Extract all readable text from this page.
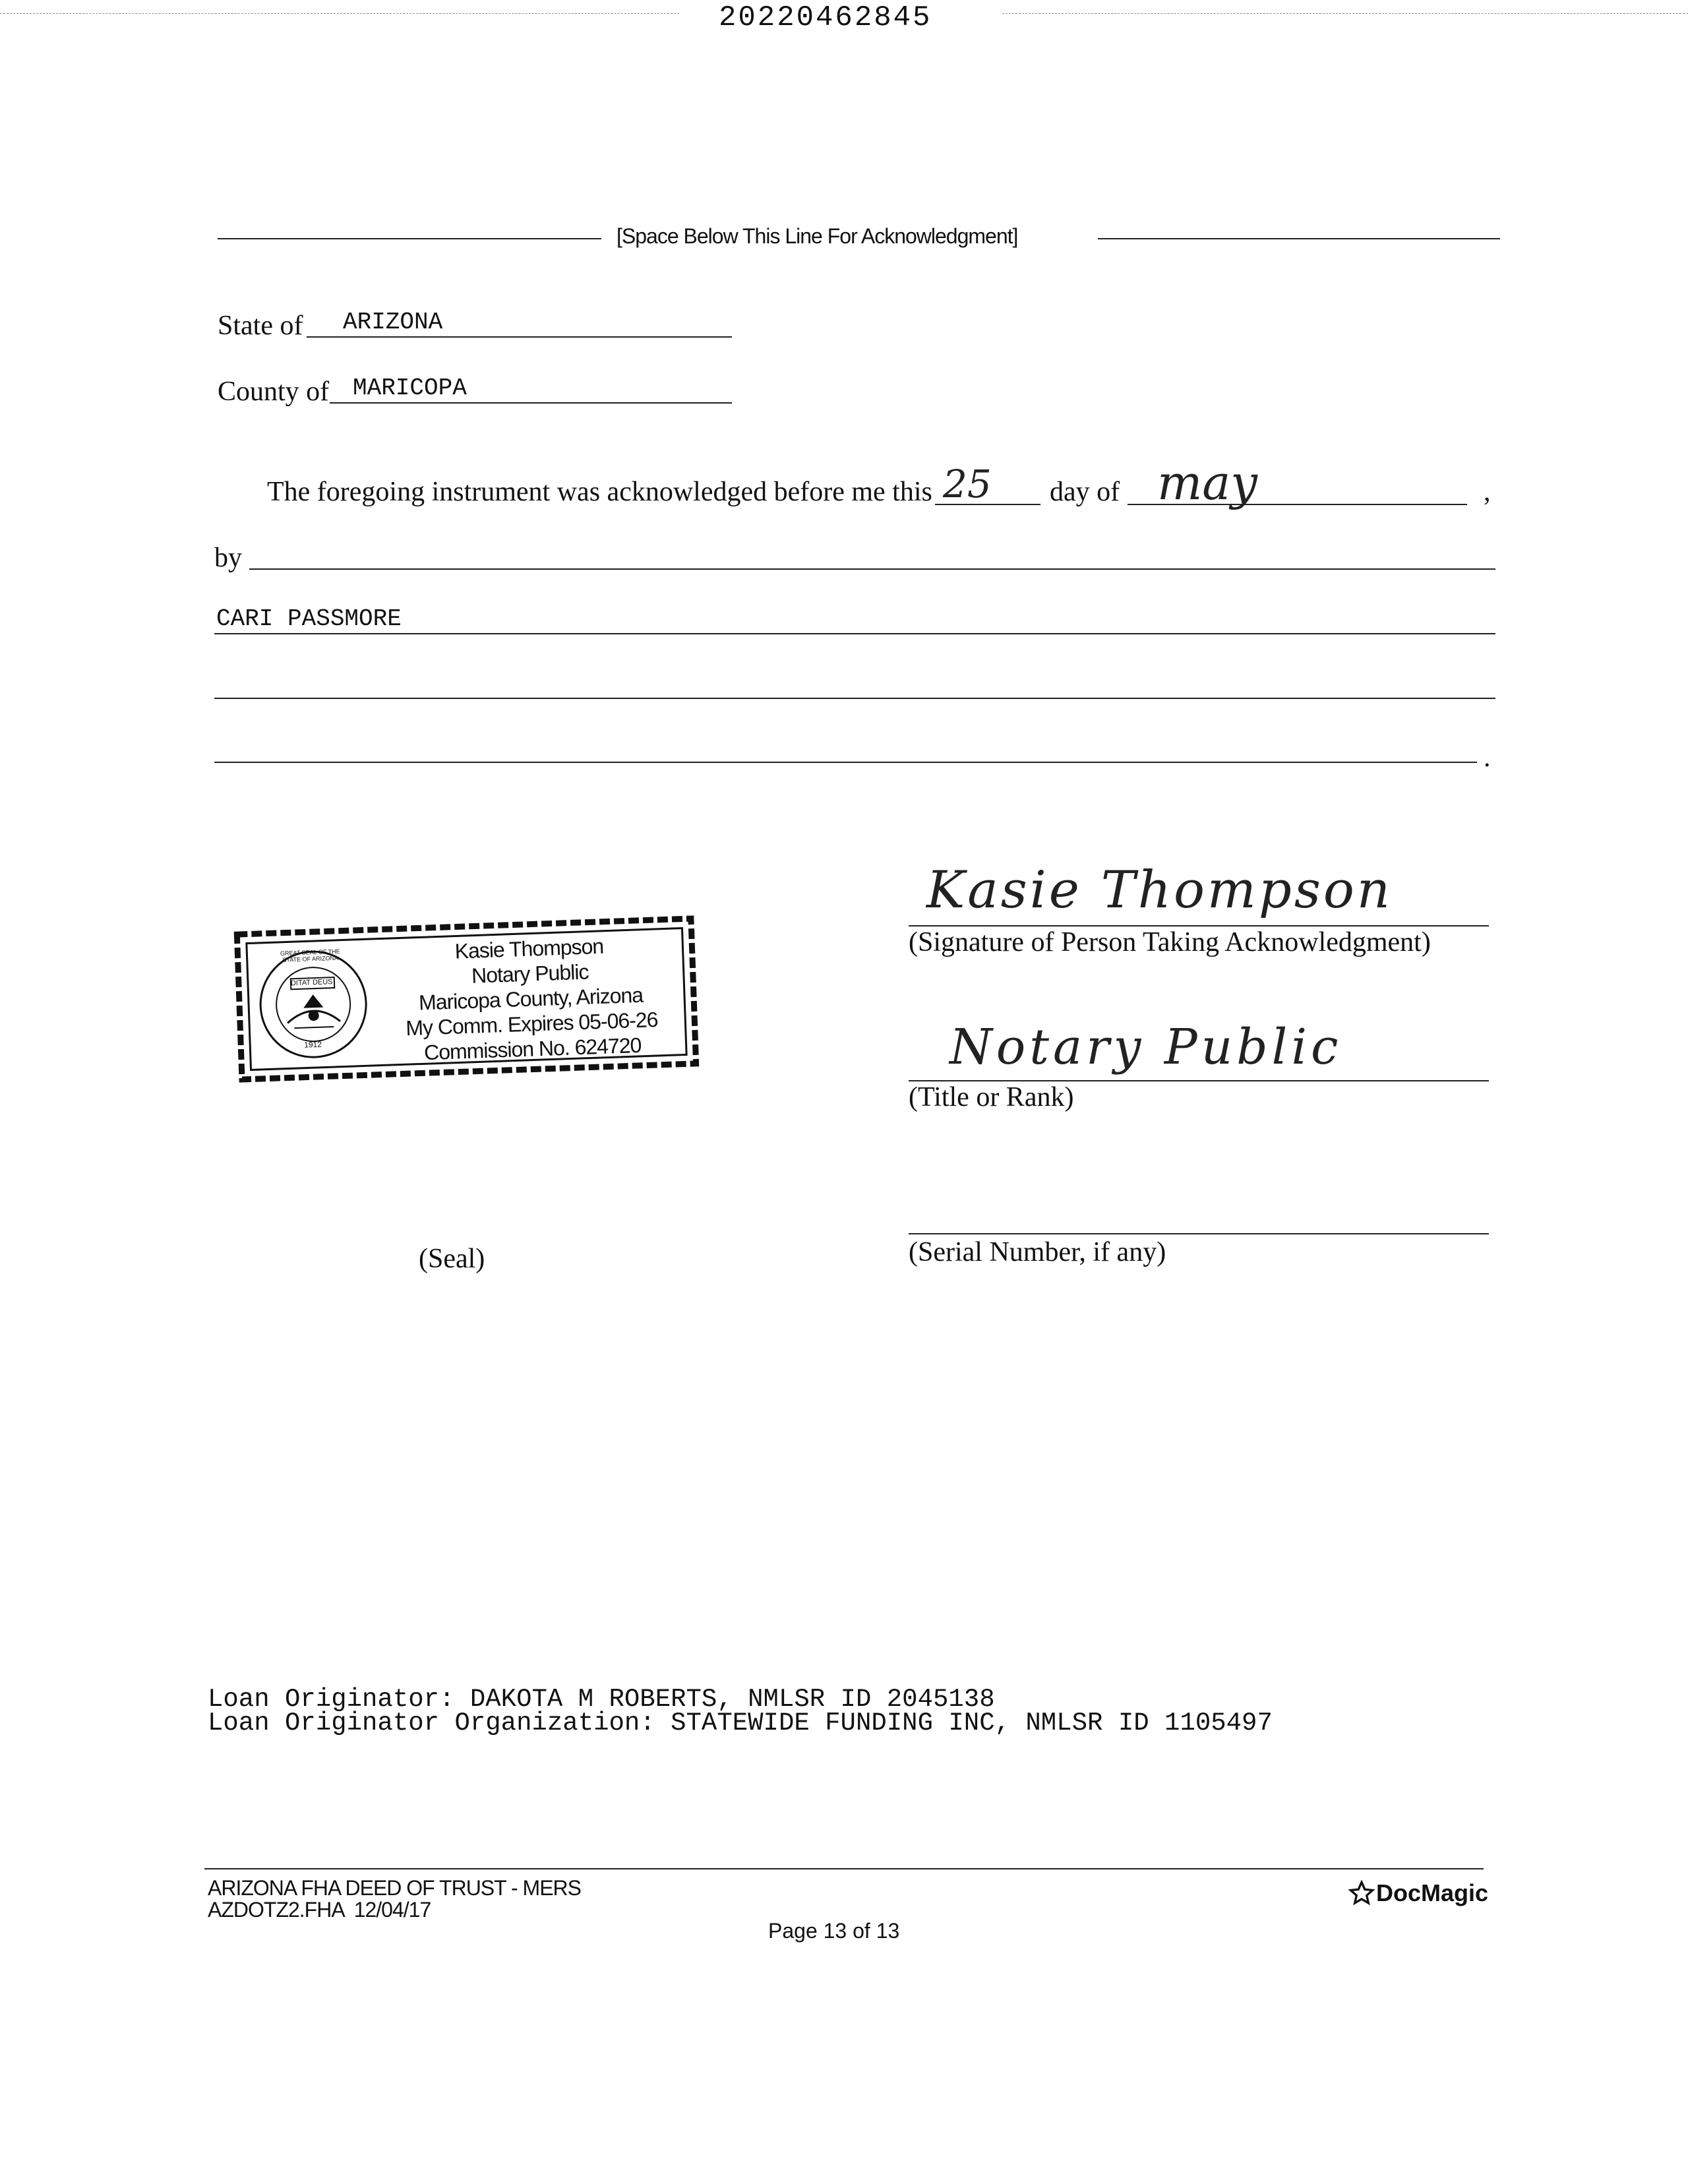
20220462845
[Space Below This Line For Acknowledgment]
State of ARIZONA
County of MARICOPA
The foregoing instrument was acknowledged before me this 25 day of may	,
by
CARI PASSMORE
.
DITAT DEUS
GREAT SEAL OF THE STATE OF ARIZONA
1912
Kasie Thompson
Notary Public
Maricopa County, Arizona
My Comm. Expires 05-06-26
Commission No. 624720
Kasie Thompson
(Signature of Person Taking Acknowledgment)
Notary Public
(Title or Rank)
(Serial Number, if any)
(Seal)
Loan Originator: DAKOTA M ROBERTS, NMLSR ID 2045138
Loan Originator Organization: STATEWIDE FUNDING INC, NMLSR ID 1105497
ARIZONA FHA DEED OF TRUST - MERS
AZDOTZ2.FHA  12/04/17
Page 13 of 13
DocMagic
